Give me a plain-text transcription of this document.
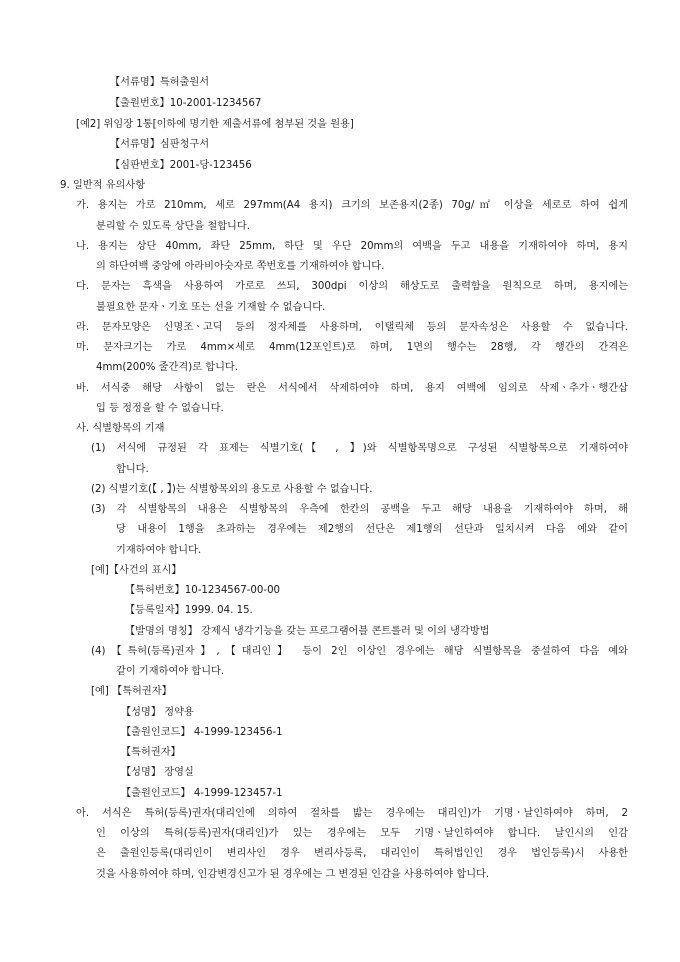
【서류명】특허출원서
【출원번호】10-2001-1234567
[예2] 위임장 1통[이하에 명기한 제출서류에 첨부된 것을 원용]
【서류명】심판청구서
【심판번호】2001-당-123456
9. 일반적 유의사항
가. 용지는 가로 210mm, 세로 297mm(A4 용지) 크기의 보존용지(2종) 70g/㎡ 이상을 세로로 하여 쉽게
분리할 수 있도록 상단을 철합니다.
나. 용지는 상단 40mm, 좌단 25mm, 하단 및 우단 20mm의 여백을 두고 내용을 기재하여야 하며, 용지
의 하단여백 중앙에 아라비아숫자로 쪽번호를 기재하여야 합니다.
다. 문자는 흑색을 사용하여 가로로 쓰되, 300dpi 이상의 해상도로 출력함을 원칙으로 하며, 용지에는
불필요한 문자ㆍ기호 또는 선을 기재할 수 없습니다.
라. 문자모양은 신명조ㆍ고딕 등의 정자체를 사용하며, 이탤릭체 등의 문자속성은 사용할 수 없습니다.
마. 문자크기는 가로 4mm×세로 4mm(12포인트)로 하며, 1면의 행수는 28행, 각 행간의 간격은
4mm(200% 줄간격)로 합니다.
바. 서식중 해당 사항이 없는 란은 서식에서 삭제하여야 하며, 용지 여백에 임의로 삭제ㆍ추가ㆍ행간삽
입 등 정정을 할 수 없습니다.
사. 식별항목의 기재
(1) 서식에 규정된 각 표제는 식별기호(【 , 】)와 식별항목명으로 구성된 식별항목으로 기재하여야
합니다.
(2) 식별기호(【 , 】)는 식별항목외의 용도로 사용할 수 없습니다.
(3) 각 식별항목의 내용은 식별항목의 우측에 한칸의 공백을 두고 해당 내용을 기재하여야 하며, 해
당 내용이 1행을 초과하는 경우에는 제2행의 선단은 제1행의 선단과 일치시켜 다음 예와 같이
기재하여야 합니다.
[예]【사건의 표시】
【특허번호】10-1234567-00-00
【등록일자】1999. 04. 15.
【발명의 명칭】 강제식 냉각기능을 갖는 프로그램어블 콘트롤러 및 이의 냉각방법
(4)【특허(등록)권자】,【대리인】 등이 2인 이상인 경우에는 해당 식별항목을 중설하여 다음 예와
같이 기재하여야 합니다.
[예] 【특허권자】
【성명】 정약용
【출원인코드】 4-1999-123456-1
【특허권자】
【성명】 장영실
【출원인코드】 4-1999-123457-1
아. 서식은 특허(등록)권자(대리인에 의하여 절차를 밟는 경우에는 대리인)가 기명ㆍ날인하여야 하며, 2
인 이상의 특허(등록)권자(대리인)가 있는 경우에는 모두 기명ㆍ날인하여야 합니다. 날인시의 인감
은 출원인등록(대리인이 변리사인 경우 변리사등록, 대리인이 특허법인인 경우 법인등록)시 사용한
것을 사용하여야 하며, 인감변경신고가 된 경우에는 그 변경된 인감을 사용하여야 합니다.
